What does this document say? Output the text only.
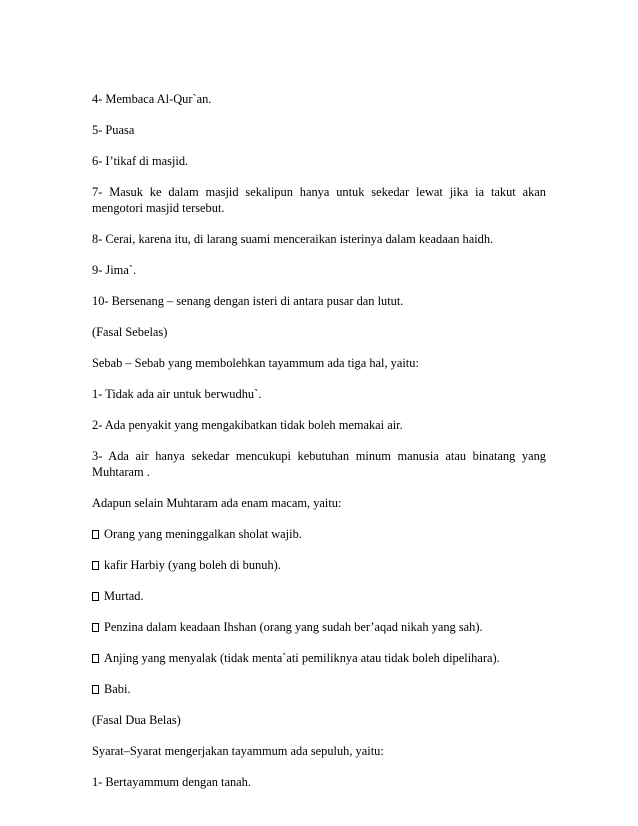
4- Membaca Al-Qur`an.

5- Puasa

6- I’tikaf di masjid.

7- Masuk ke dalam masjid sekalipun hanya untuk sekedar lewat jika ia takut akan mengotori masjid tersebut.

8- Cerai, karena itu, di larang suami menceraikan isterinya dalam keadaan haidh.

9- Jima`.

10- Bersenang – senang dengan isteri di antara pusar dan lutut.

(Fasal Sebelas)

Sebab – Sebab yang membolehkan tayammum ada tiga hal, yaitu:

1- Tidak ada air untuk berwudhu`.

2- Ada penyakit yang mengakibatkan tidak boleh memakai air.

3- Ada air hanya sekedar mencukupi kebutuhan minum manusia atau binatang yang Muhtaram .

Adapun selain Muhtaram ada enam macam, yaitu:

Orang yang meninggalkan sholat wajib.

kafir Harbiy (yang boleh di bunuh).

Murtad.

Penzina dalam keadaan Ihshan (orang yang sudah ber’aqad nikah yang sah).

Anjing yang menyalak (tidak menta`ati pemiliknya atau tidak boleh dipelihara).

Babi.

(Fasal Dua Belas)

Syarat–Syarat mengerjakan tayammum ada sepuluh, yaitu:

1- Bertayammum dengan tanah.
